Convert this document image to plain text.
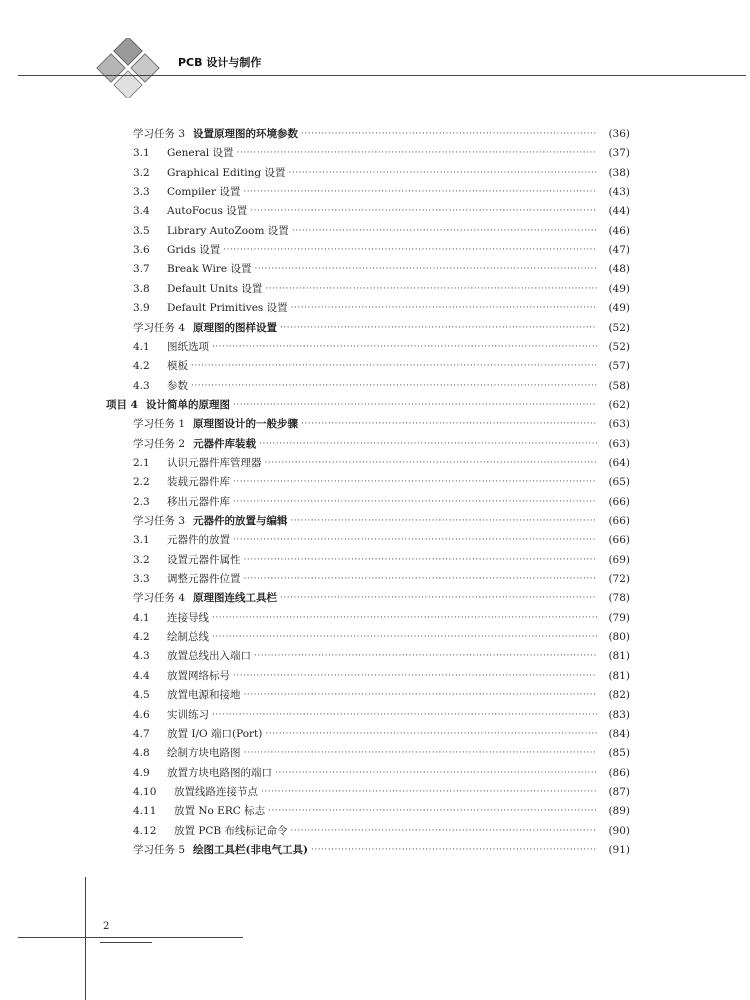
PCB 设计与制作
学习任务 3 设置原理图的环境参数 ·····	(36)
3.1	General 设置 ·····	(37)
3.2	Graphical Editing 设置 ·····	(38)
3.3	Compiler 设置 ·····	(43)
3.4	AutoFocus 设置 ·····	(44)
3.5	Library AutoZoom 设置 ·····	(46)
3.6	Grids 设置 ·····	(47)
3.7	Break Wire 设置 ·····	(48)
3.8	Default Units 设置 ·····	(49)
3.9	Default Primitives 设置 ·····	(49)
学习任务 4 原理图的图样设置 ·····	(52)
4.1	图纸选项 ·····	(52)
4.2	模板 ·····	(57)
4.3	参数 ·····	(58)
项目 4 设计简单的原理图 ·····	(62)
学习任务 1 原理图设计的一般步骤 ·····	(63)
学习任务 2 元器件库装载 ·····	(63)
2.1	认识元器件库管理器 ·····	(64)
2.2	装载元器件库 ·····	(65)
2.3	移出元器件库 ·····	(66)
学习任务 3 元器件的放置与编辑 ·····	(66)
3.1	元器件的放置 ·····	(66)
3.2	设置元器件属性 ·····	(69)
3.3	调整元器件位置 ·····	(72)
学习任务 4 原理图连线工具栏 ·····	(78)
4.1	连接导线 ·····	(79)
4.2	绘制总线 ·····	(80)
4.3	放置总线出入端口 ·····	(81)
4.4	放置网络标号 ·····	(81)
4.5	放置电源和接地 ·····	(82)
4.6	实训练习 ·····	(83)
4.7	放置 I/O 端口(Port) ·····	(84)
4.8	绘制方块电路图 ·····	(85)
4.9	放置方块电路图的端口 ·····	(86)
4.10	放置线路连接节点 ·····	(87)
4.11	放置 No ERC 标志 ·····	(89)
4.12	放置 PCB 布线标记命令 ·····	(90)
学习任务 5 绘图工具栏(非电气工具) ·····	(91)
2
